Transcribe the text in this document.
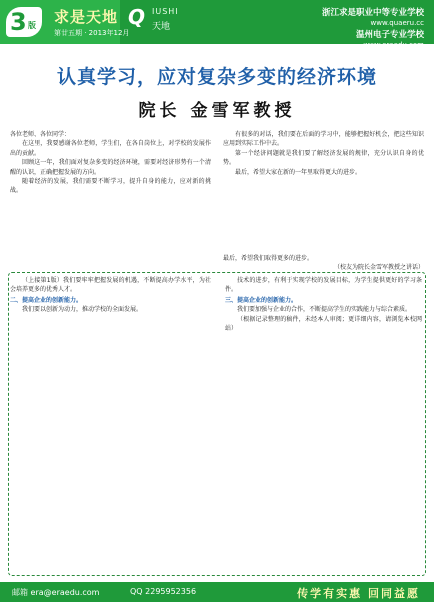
3 版 求是天地
第廿五期 · 2013年12月
Q IUSHI
天地
浙江求是职业中等专业学校
www.quaeru.cc
温州电子专业学校
www.eraedu.com
认真学习，应对复杂多变的经济环境
院长 金雪军教授

各位老师、各位同学：

在这里，我要感谢各位老师，学生们，在各自岗位上，对学校的发展作出的贡献。

回顾这一年，我们面对复杂多变的经济环境，需要对经济形势有一个清醒的认识，正确把握发展的方向。

随着经济的发展，我们需要不断学习，提升自身的能力，应对新的挑战。

有很多的对话，我们要在后面的学习中，能够把握好机会，把这些知识应用到实际工作中去。

第一个经济问题就是我们要了解经济发展的规律，充分认识自身的优势。

最后，希望大家在新的一年里取得更大的进步。

最后，希望我们取得更多的进步。
（校友为院长金雪军教授之讲话）

（上接第1版）我们要牢牢把握发展的机遇，不断提高办学水平，为社会培养更多的优秀人才。

二、提高企业的创新能力。

我们要以创新为动力，推动学校的全面发展。

技术的进步，有利于实现学校的发展目标，为学生提供更好的学习条件。

三、提高企业的创新能力。

我们要加强与企业的合作，不断提高学生的实践能力与综合素质。

（根据记录整理的稿件，未经本人审阅；更详细内容，请浏览本校网站）

邮箱 era@eraedu.com	QQ 2295952356	传学有实惠 回同益愿
